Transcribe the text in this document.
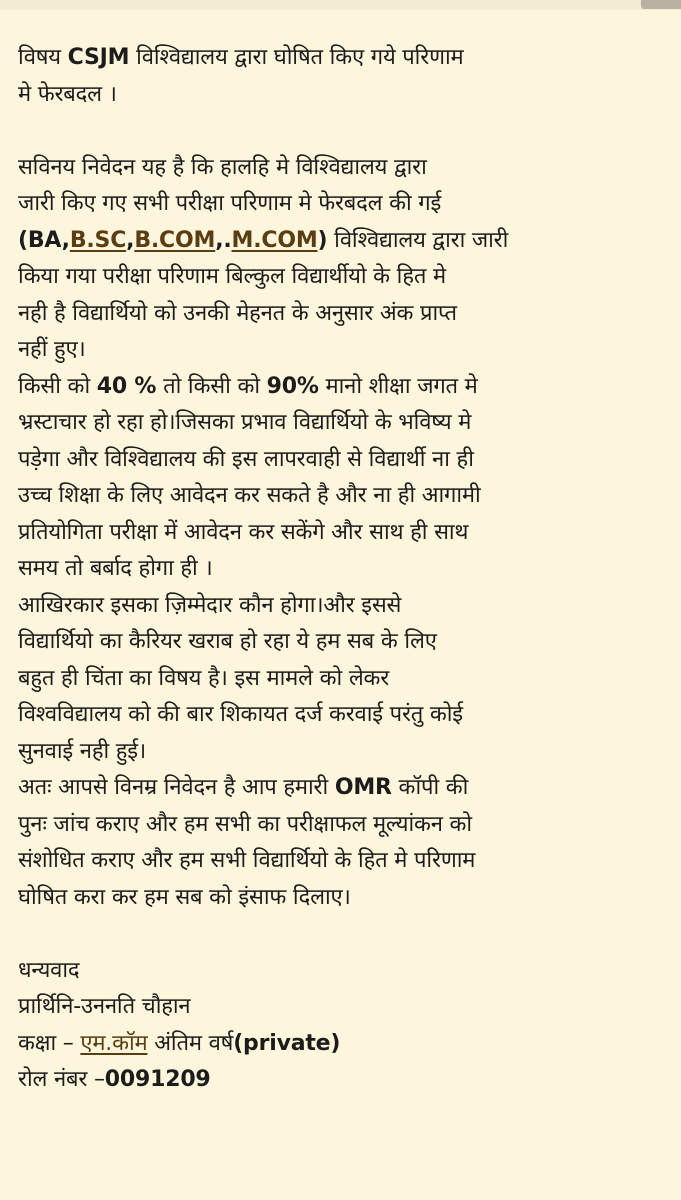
विषय CSJM विश्विद्यालय द्वारा घोषित किए गये परिणाम
मे फेरबदल ।
सविनय निवेदन यह है कि हालहि मे विश्विद्यालय द्वारा
जारी किए गए सभी परीक्षा परिणाम मे फेरबदल की गई
(BA,B.SC,B.COM,.M.COM) विश्विद्यालय द्वारा जारी
किया गया परीक्षा परिणाम बिल्कुल विद्यार्थीयो के हित मे
नही है विद्यार्थियो को उनकी मेहनत के अनुसार अंक प्राप्त
नहीं हुए।
किसी को 40 % तो किसी को 90% मानो शीक्षा जगत मे
भ्रस्टाचार हो रहा हो।जिसका प्रभाव विद्यार्थियो के भविष्य मे
पड़ेगा और विश्विद्यालय की इस लापरवाही से विद्यार्थी ना ही
उच्च शिक्षा के लिए आवेदन कर सकते है और ना ही आगामी
प्रतियोगिता परीक्षा में आवेदन कर सकेंगे और साथ ही साथ
समय तो बर्बाद होगा ही ।
आखिरकार इसका ज़िम्मेदार कौन होगा।और इससे
विद्यार्थियो का कैरियर खराब हो रहा ये हम सब के लिए
बहुत ही चिंता का विषय है। इस मामले को लेकर
विश्वविद्यालय को की बार शिकायत दर्ज करवाई परंतु कोई
सुनवाई नही हुई।
अतः आपसे विनम्र निवेदन है आप हमारी OMR कॉपी की
पुनः जांच कराए और हम सभी का परीक्षाफल मूल्यांकन को
संशोधित कराए और हम सभी विद्यार्थियो के हित मे परिणाम
घोषित करा कर हम सब को इंसाफ दिलाए।
धन्यवाद
प्रार्थिनि-उननति चौहान
कक्षा – एम.कॉम अंतिम वर्ष(private)
रोल नंबर –0091209
